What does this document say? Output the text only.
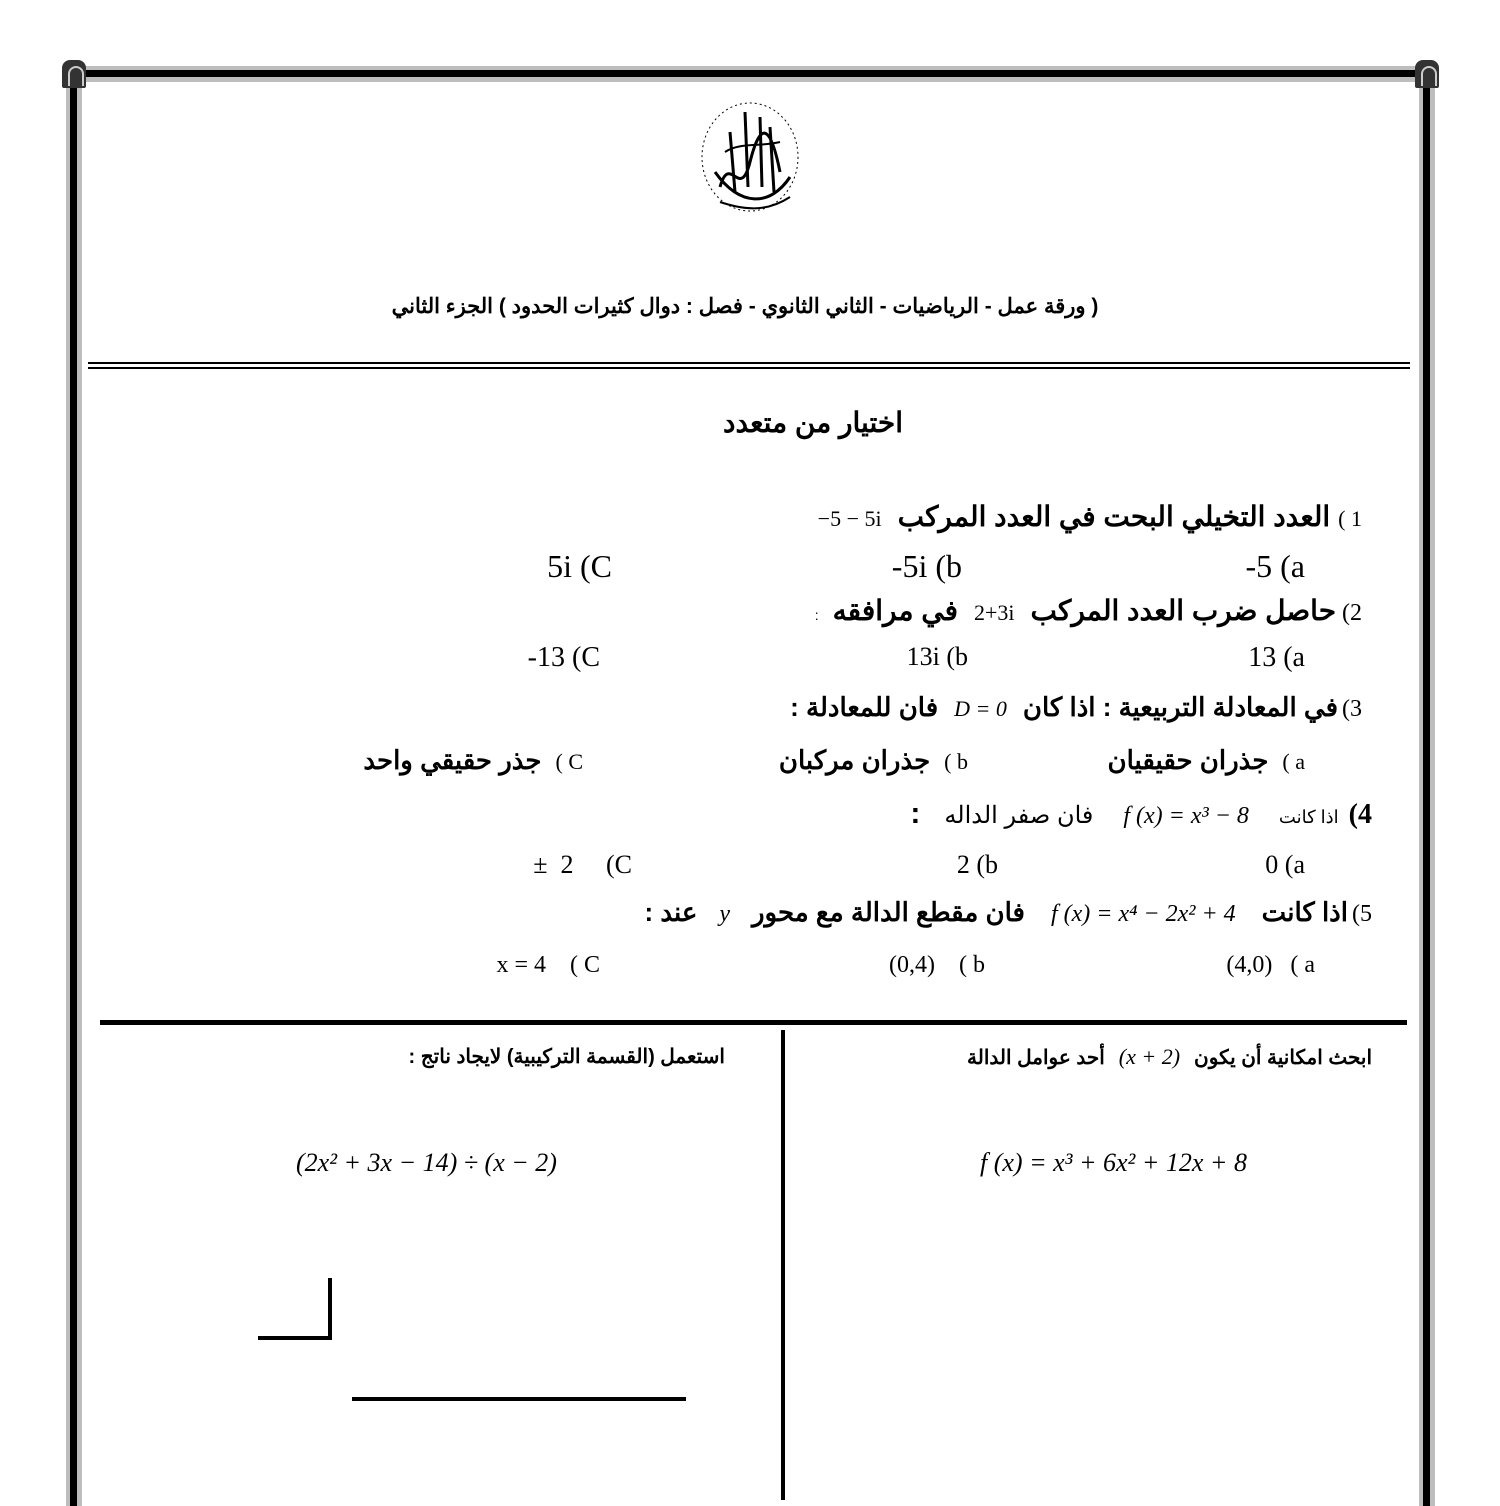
( ورقة عمل - الرياضيات - الثاني الثانوي - فصل : دوال كثيرات الحدود ) الجزء الثاني
اختيار من متعدد
1 )
العدد التخيلي البحت في العدد المركب
−5 − 5i
-5 (a
-5i (b
5i (C
2)
حاصل ضرب العدد المركب
2+3i
في مرافقه
:
13 (a
13i (b
-13 (C
3)
في المعادلة التربيعية : اذا كان
D = 0
فان للمعادلة :
a )
جذران حقيقيان
b )
جذران مركبان
C )
جذر حقيقي واحد
4)
اذا كانت
f (x) = x³ − 8
فان صفر الداله
:
0 (a
2 (b
±  2     (C
5)
اذا كانت
f (x) = x⁴ − 2x² + 4
فان مقطع الدالة مع محور
y
عند :
(4,0)   ( a
(0,4)    ( b
x = 4    ( C
ابحث امكانية أن يكون
(x + 2)
أحد عوامل الدالة
f (x) = x³ + 6x² + 12x + 8
استعمل (القسمة التركيبية) لايجاد ناتج :
(2x² + 3x − 14) ÷ (x − 2)
